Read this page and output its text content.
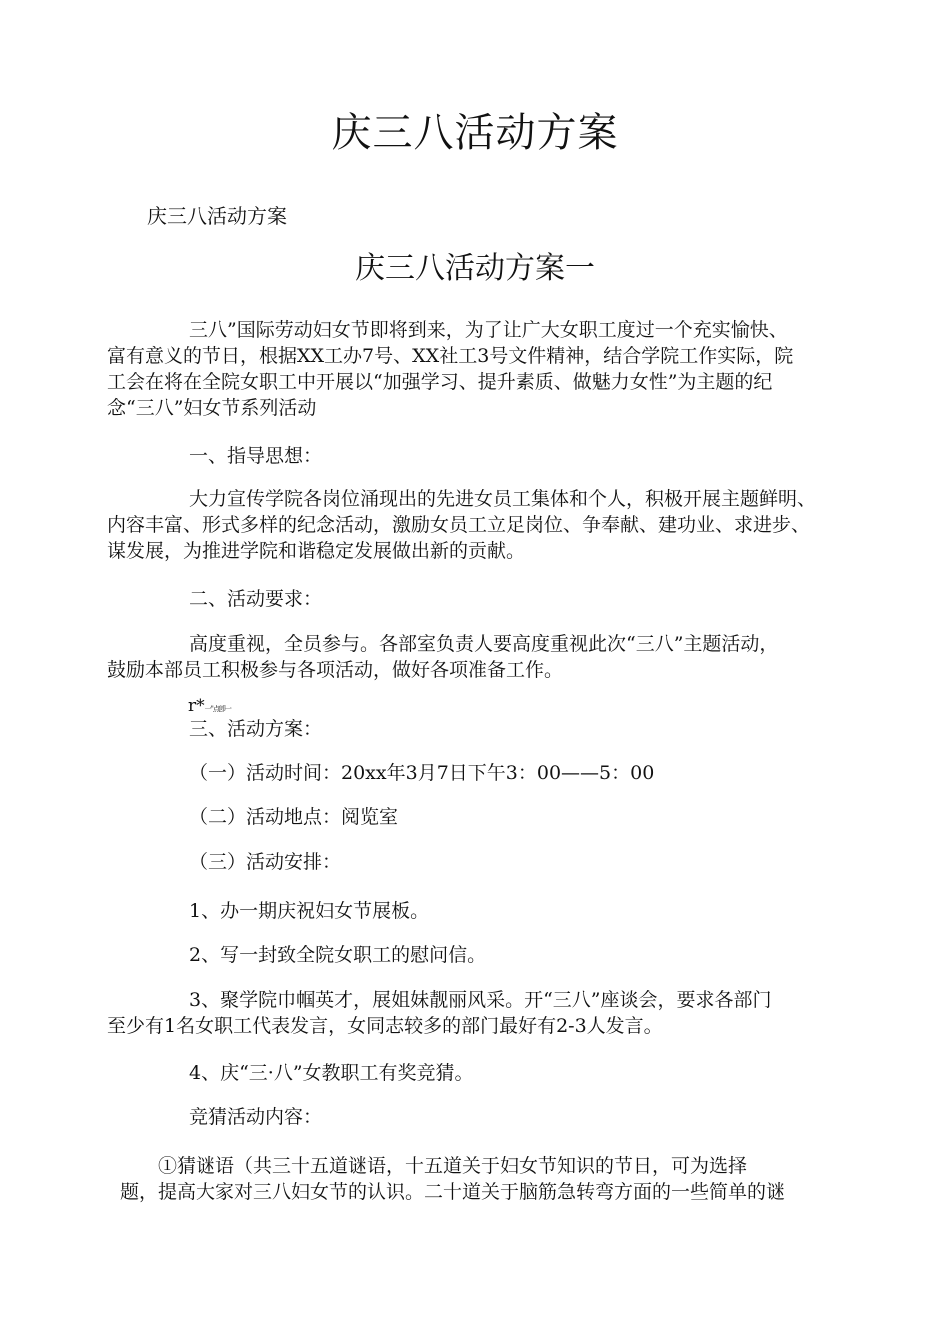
庆三八活动方案
庆三八活动方案
庆三八活动方案一
三八”国际劳动妇女节即将到来，为了让广大女职工度过一个充实愉快、
富有意义的节日，根据XX工办7号、XX社工3号文件精神，结合学院工作实际，院
工会在将在全院女职工中开展以“加强学习、提升素质、做魅力女性”为主题的纪
念“三八”妇女节系列活动
一、指导思想：
大力宣传学院各岗位涌现出的先进女员工集体和个人，积极开展主题鲜明、
内容丰富、形式多样的纪念活动，激励女员工立足岗位、争奉献、建功业、求进步、
谋发展，为推进学院和谐稳定发展做出新的贡献。
二、活动要求：
高度重视，全员参与。各部室负责人要高度重视此次“三八”主题活动，
鼓励本部员工积极参与各项活动，做好各项准备工作。
r*一"点卽一
三、活动方案：
（一）活动时间：20xx年3月7日下午3：00——5：00
（二）活动地点：阅览室
（三）活动安排：
1、办一期庆祝妇女节展板。
2、写一封致全院女职工的慰问信。
3、聚学院巾帼英才，展姐妹靓丽风采。开“三八”座谈会，要求各部门
至少有1名女职工代表发言，女同志较多的部门最好有2-3人发言。
4、庆“三·八”女教职工有奖竞猜。
竞猜活动内容：
①猜谜语（共三十五道谜语，十五道关于妇女节知识的节日，可为选择
题，提高大家对三八妇女节的认识。二十道关于脑筋急转弯方面的一些简单的谜
